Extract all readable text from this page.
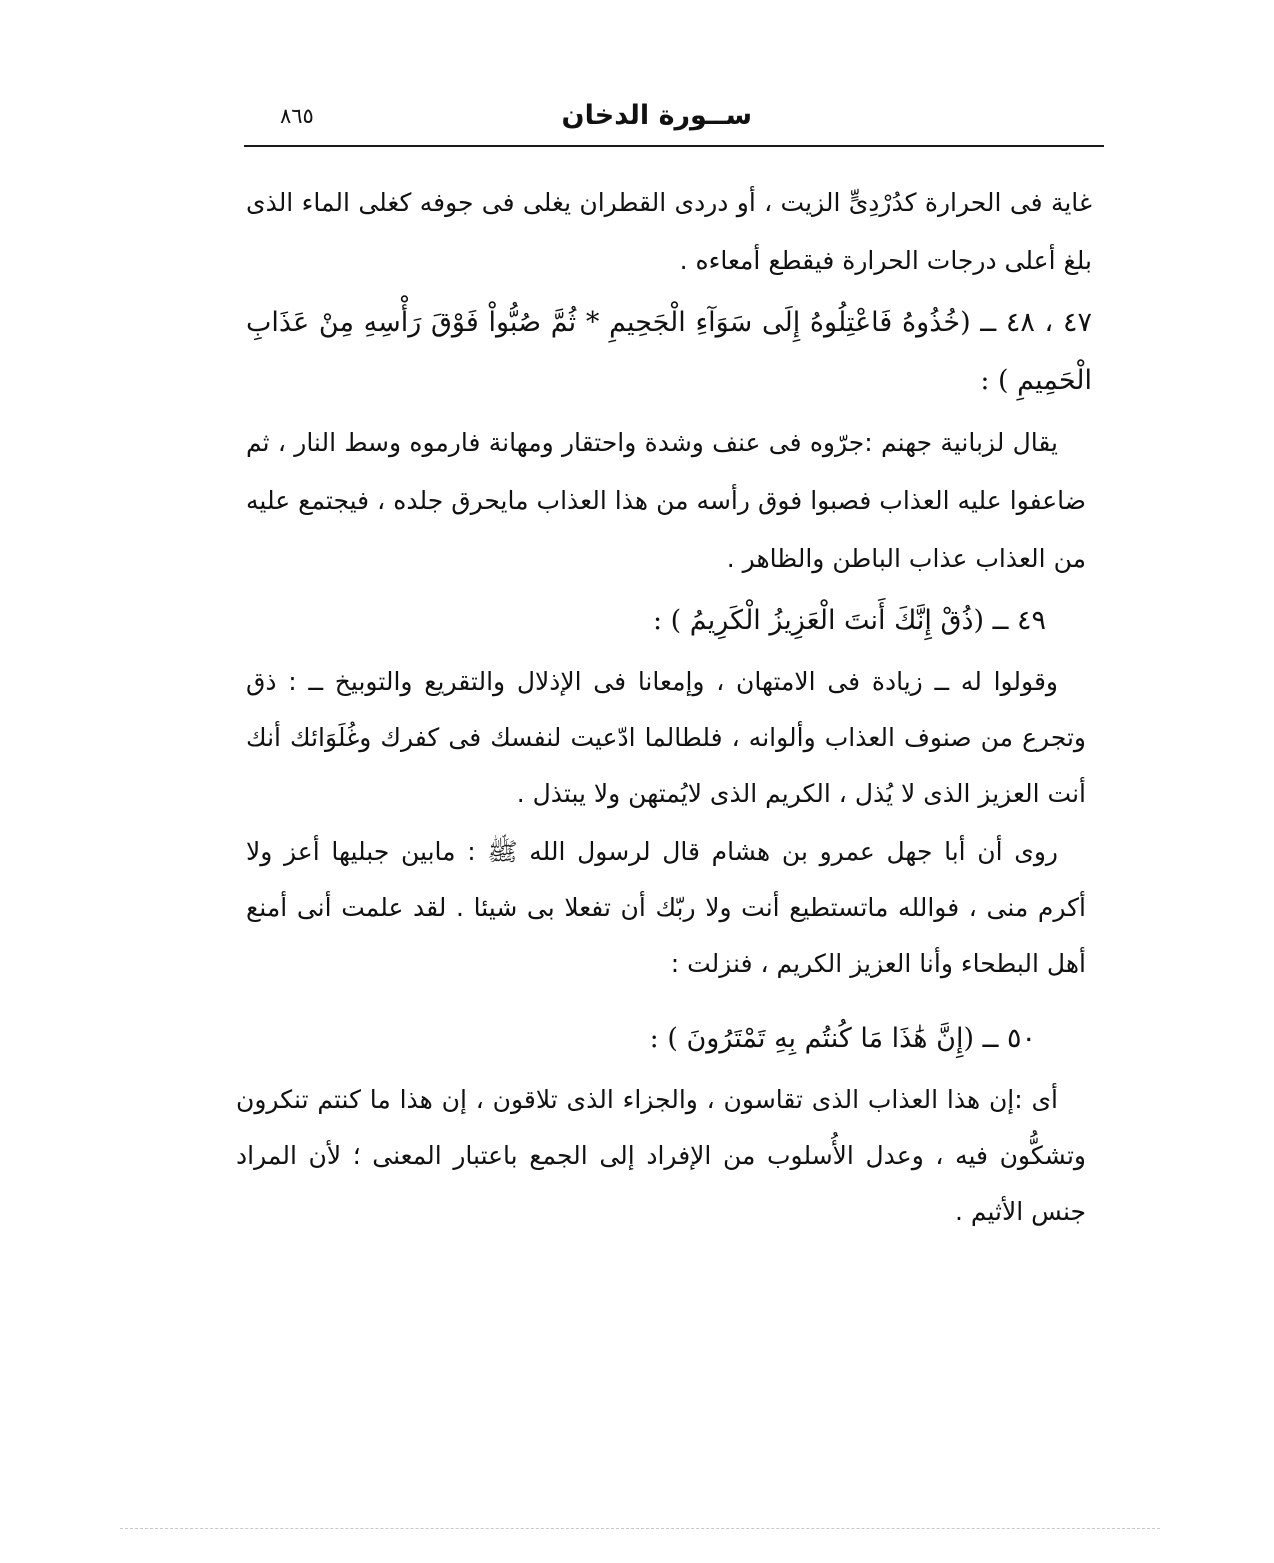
ســورة الدخان
٨٦٥

غاية فى الحرارة كدُرْدِىٍّ الزيت ، أو دردى القطران يغلى فى جوفه كغلى الماء الذى بلغ أعلى درجات الحرارة فيقطع أمعاءه .

٤٧ ، ٤٨ ــ (خُذُوهُ فَاعْتِلُوهُ إِلَى سَوَآءِ الْجَحِيمِ * ثُمَّ صُبُّواْ فَوْقَ رَأْسِهِ مِنْ عَذَابِ الْحَمِيمِ ) :

يقال لزبانية جهنم :جرّوه فى عنف وشدة واحتقار ومهانة فارموه وسط النار ، ثم ضاعفوا عليه العذاب فصبوا فوق رأسه من هذا العذاب مايحرق جلده ، فيجتمع عليه من العذاب عذاب الباطن والظاهر .

٤٩ ــ (ذُقْ إِنَّكَ أَنتَ الْعَزِيزُ الْكَرِيمُ ) :

وقولوا له ــ زيادة فى الامتهان ، وإمعانا فى الإذلال والتقريع والتوبيخ ــ : ذق وتجرع من صنوف العذاب وألوانه ، فلطالما ادّعيت لنفسك فى كفرك وغُلَوَائك أنك أنت العزيز الذى لا يُذل ، الكريم الذى لايُمتهن ولا يبتذل .

روى أن أبا جهل عمرو بن هشام قال لرسول الله ﷺ : مابين جبليها أعز ولا أكرم منى ، فوالله ماتستطيع أنت ولا ربّك أن تفعلا بى شيئا . لقد علمت أنى أمنع أهل البطحاء وأنا العزيز الكريم ، فنزلت :

٥٠ ــ (إِنَّ هَٰذَا مَا كُنتُم بِهِ تَمْتَرُونَ ) :

أى :إن هذا العذاب الذى تقاسون ، والجزاء الذى تلاقون ، إن هذا ما كنتم تنكرون وتشكُّون فيه ، وعدل الأُسلوب من الإفراد إلى الجمع باعتبار المعنى ؛ لأن المراد جنس الأثيم .
